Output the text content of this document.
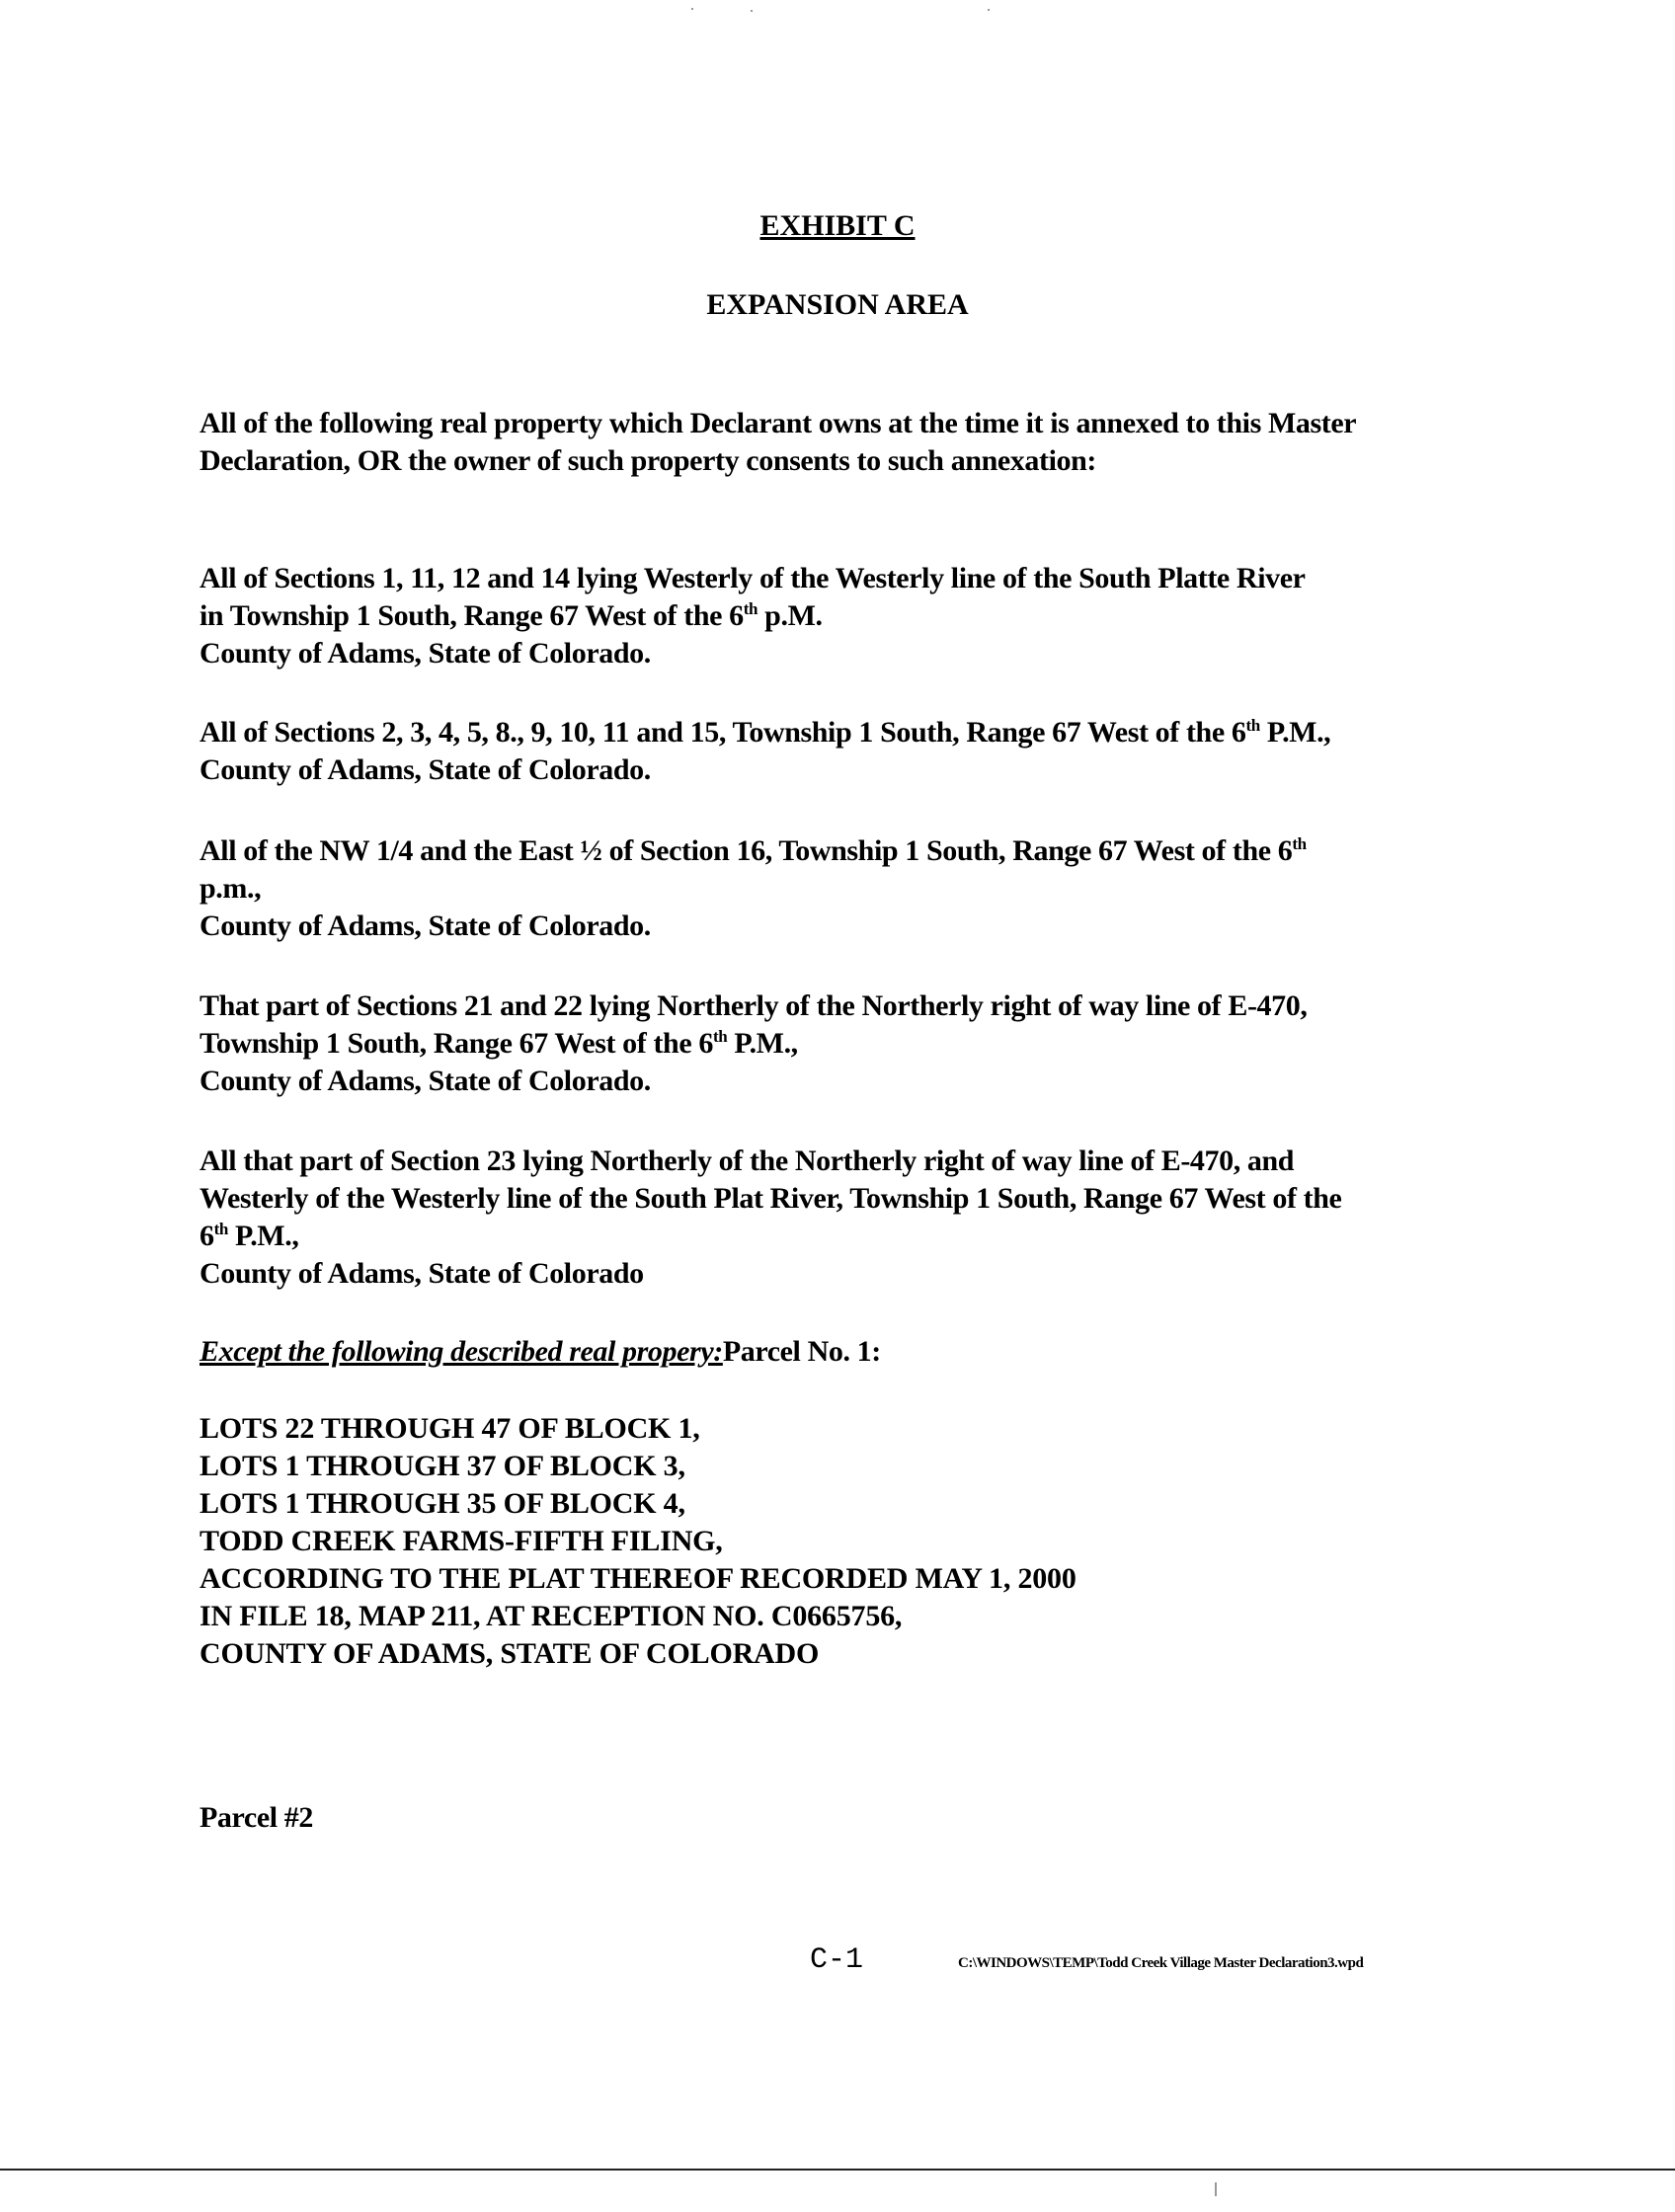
EXHIBIT C
EXPANSION AREA
All of the following real property which Declarant owns at the time it is annexed to this Master
Declaration, OR the owner of such property consents to such annexation:
All of Sections 1, 11, 12 and 14 lying Westerly of the Westerly line of the South Platte River
in Township 1 South, Range 67 West of the 6th p.M.
County of Adams, State of Colorado.
All of Sections 2, 3, 4, 5, 8., 9, 10, 11 and 15, Township 1 South, Range 67 West of the 6th P.M.,
County of Adams, State of Colorado.
All of the NW 1/4 and the East ½ of Section 16, Township 1 South, Range 67 West of the 6th
p.m.,
County of Adams, State of Colorado.
That part of Sections 21 and 22 lying Northerly of the Northerly right of way line of E-470,
Township 1 South, Range 67 West of the 6th P.M.,
County of Adams, State of Colorado.
All that part of Section 23 lying Northerly of the Northerly right of way line of E-470, and
Westerly of the Westerly line of the South Plat River, Township 1 South, Range 67 West of the
6th P.M.,
County of Adams, State of Colorado
Except the following described real propery:Parcel No. 1:
LOTS 22 THROUGH 47 OF BLOCK 1,
LOTS 1 THROUGH 37 OF BLOCK 3,
LOTS 1 THROUGH 35 OF BLOCK 4,
TODD CREEK FARMS-FIFTH FILING,
ACCORDING TO THE PLAT THEREOF RECORDED MAY 1, 2000
IN FILE 18, MAP 211, AT RECEPTION NO. C0665756,
COUNTY OF ADAMS, STATE OF COLORADO
Parcel #2
C-1	C:\WINDOWS\TEMP\Todd Creek Village Master Declaration3.wpd
